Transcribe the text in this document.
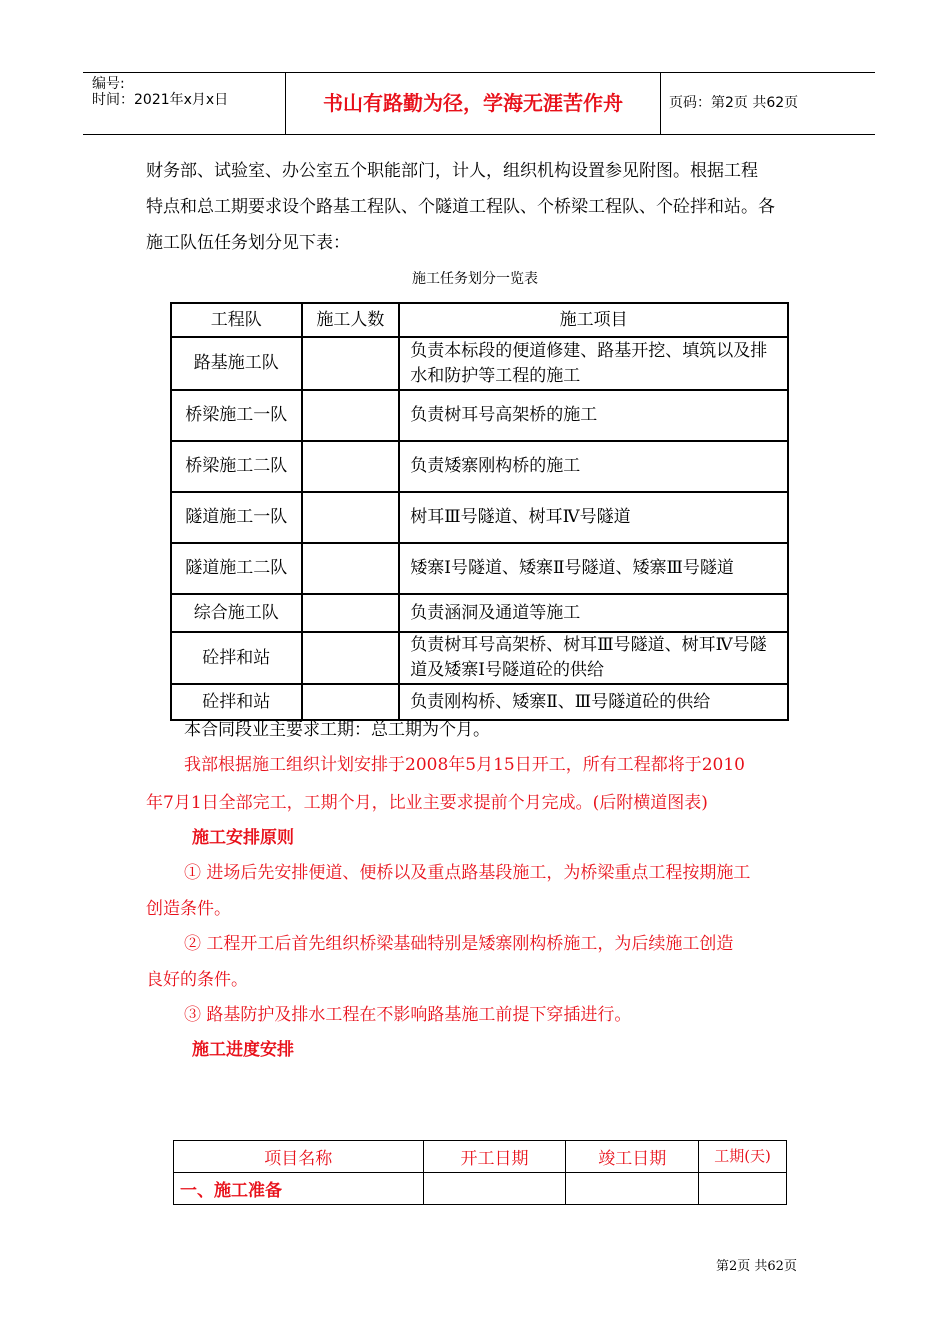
编号:
时间：2021年x月x日	书山有路勤为径，学海无涯苦作舟	页码：第2页 共62页

财务部、试验室、办公室五个职能部门，计人，组织机构设置参见附图。根据工程

特点和总工期要求设个路基工程队、个隧道工程队、个桥梁工程队、个砼拌和站。各

施工队伍任务划分见下表：

施工任务划分一览表
工程队	施工人数	施工项目
路基施工队		负责本标段的便道修建、路基开挖、填筑以及排水和防护等工程的施工
桥梁施工一队		负责树耳号高架桥的施工
桥梁施工二队		负责矮寨刚构桥的施工
隧道施工一队		树耳Ⅲ号隧道、树耳Ⅳ号隧道
隧道施工二队		矮寨Ⅰ号隧道、矮寨Ⅱ号隧道、矮寨Ⅲ号隧道
综合施工队		负责涵洞及通道等施工
砼拌和站		负责树耳号高架桥、树耳Ⅲ号隧道、树耳Ⅳ号隧道及矮寨Ⅰ号隧道砼的供给
砼拌和站		负责刚构桥、矮寨Ⅱ、Ⅲ号隧道砼的供给
本合同段业主要求工期：总工期为个月。
我部根据施工组织计划安排于2008年5月15日开工，所有工程都将于2010
年7月1日全部完工，工期个月，比业主要求提前个月完成。(后附横道图表)
施工安排原则
① 进场后先安排便道、便桥以及重点路基段施工，为桥梁重点工程按期施工
创造条件。
② 工程开工后首先组织桥梁基础特别是矮寨刚构桥施工，为后续施工创造
良好的条件。
③ 路基防护及排水工程在不影响路基施工前提下穿插进行。
施工进度安排
项目名称	开工日期	竣工日期	工期(天)
一、施工准备			
第2页 共62页
